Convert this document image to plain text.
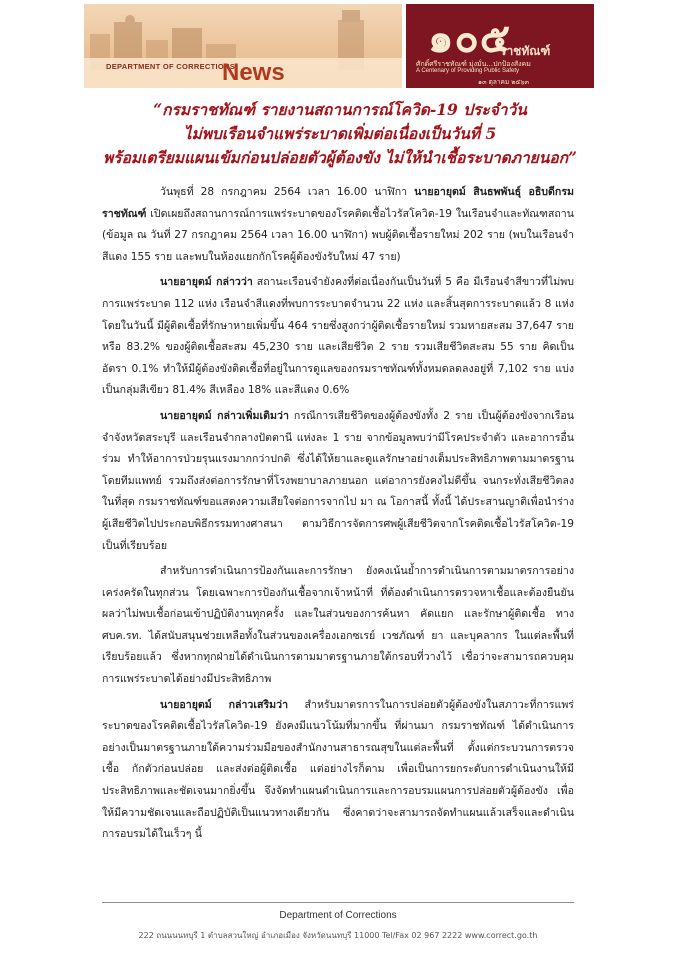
DEPARTMENT OF CORRECTIONS
News
๑๐๕
ราชทัณฑ์
ศักดิ์ศรีราชทัณฑ์ มุ่งมั่น...ปกป้องสังคม
A Centenary of Providing Public Safety
๑๓ ตุลาคม ๒๕๖๓
“กรมราชทัณฑ์ รายงานสถานการณ์โควิด-19 ประจำวัน
ไม่พบเรือนจำแพร่ระบาดเพิ่มต่อเนื่องเป็นวันที่ 5
พร้อมเตรียมแผนเข้มก่อนปล่อยตัวผู้ต้องขัง ไม่ให้นำเชื้อระบาดภายนอก”

วันพุธที่ 28 กรกฎาคม 2564 เวลา 16.00 นาฬิกา นายอายุตม์ สินธพพันธุ์ อธิบดีกรมราชทัณฑ์ เปิดเผยถึงสถานการณ์การแพร่ระบาดของโรคติดเชื้อไวรัสโควิด-19 ในเรือนจำและทัณฑสถาน (ข้อมูล ณ วันที่ 27 กรกฎาคม 2564 เวลา 16.00 นาฬิกา) พบผู้ติดเชื้อรายใหม่ 202 ราย (พบในเรือนจำสีแดง 155 ราย และพบในห้องแยกกักโรคผู้ต้องขังรับใหม่ 47 ราย)

นายอายุตม์ กล่าวว่า สถานะเรือนจำยังคงที่ต่อเนื่องกันเป็นวันที่ 5 คือ มีเรือนจำสีขาวที่ไม่พบการแพร่ระบาด 112 แห่ง เรือนจำสีแดงที่พบการระบาดจำนวน 22 แห่ง และสิ้นสุดการระบาดแล้ว 8 แห่ง โดยในวันนี้ มีผู้ติดเชื้อที่รักษาหายเพิ่มขึ้น 464 รายซึ่งสูงกว่าผู้ติดเชื้อรายใหม่ รวมหายสะสม 37,647 ราย หรือ 83.2% ของผู้ติดเชื้อสะสม 45,230 ราย และเสียชีวิต 2 ราย รวมเสียชีวิตสะสม 55 ราย คิดเป็นอัตรา 0.1% ทำให้มีผู้ต้องขังติดเชื้อที่อยู่ในการดูแลของกรมราชทัณฑ์ทั้งหมดลดลงอยู่ที่ 7,102 ราย แบ่งเป็นกลุ่มสีเขียว 81.4% สีเหลือง 18% และสีแดง 0.6%

นายอายุตม์ กล่าวเพิ่มเติมว่า กรณีการเสียชีวิตของผู้ต้องขังทั้ง 2 ราย เป็นผู้ต้องขังจากเรือนจำจังหวัดสระบุรี และเรือนจำกลางปัตตานี แห่งละ 1 ราย จากข้อมูลพบว่ามีโรคประจำตัว และอาการอื่นร่วม ทำให้อาการป่วยรุนแรงมากกว่าปกติ ซึ่งได้ให้ยาและดูแลรักษาอย่างเต็มประสิทธิภาพตามมาตรฐานโดยทีมแพทย์ รวมถึงส่งต่อการรักษาที่โรงพยาบาลภายนอก แต่อาการยังคงไม่ดีขึ้น จนกระทั่งเสียชีวิตลงในที่สุด กรมราชทัณฑ์ขอแสดงความเสียใจต่อการจากไป มา ณ โอกาสนี้ ทั้งนี้ ได้ประสานญาติเพื่อนำร่างผู้เสียชีวิตไปประกอบพิธีกรรมทางศาสนา ตามวิธีการจัดการศพผู้เสียชีวิตจากโรคติดเชื้อไวรัสโควิด-19 เป็นที่เรียบร้อย

สำหรับการดำเนินการป้องกันและการรักษา ยังคงเน้นย้ำการดำเนินการตามมาตรการอย่างเคร่งครัดในทุกส่วน โดยเฉพาะการป้องกันเชื้อจากเจ้าหน้าที่ ที่ต้องดำเนินการตรวจหาเชื้อและต้องยืนยันผลว่าไม่พบเชื้อก่อนเข้าปฏิบัติงานทุกครั้ง และในส่วนของการค้นหา คัดแยก และรักษาผู้ติดเชื้อ ทาง ศบค.รท. ได้สนับสนุนช่วยเหลือทั้งในส่วนของเครื่องเอกซเรย์ เวชภัณฑ์ ยา และบุคลากร ในแต่ละพื้นที่เรียบร้อยแล้ว ซึ่งหากทุกฝ่ายได้ดำเนินการตามมาตรฐานภายใต้กรอบที่วางไว้ เชื่อว่าจะสามารถควบคุมการแพร่ระบาดได้อย่างมีประสิทธิภาพ

นายอายุตม์ กล่าวเสริมว่า สำหรับมาตรการในการปล่อยตัวผู้ต้องขังในสภาวะที่การแพร่ระบาดของโรคติดเชื้อไวรัสโควิด-19 ยังคงมีแนวโน้มที่มากขึ้น ที่ผ่านมา กรมราชทัณฑ์ ได้ดำเนินการอย่างเป็นมาตรฐานภายใต้ความร่วมมือของสำนักงานสาธารณสุขในแต่ละพื้นที่ ตั้งแต่กระบวนการตรวจเชื้อ กักตัวก่อนปล่อย และส่งต่อผู้ติดเชื้อ แต่อย่างไรก็ตาม เพื่อเป็นการยกระดับการดำเนินงานให้มีประสิทธิภาพและชัดเจนมากยิ่งขึ้น จึงจัดทำแผนดำเนินการและการอบรมแผนการปล่อยตัวผู้ต้องขัง เพื่อให้มีความชัดเจนและถือปฏิบัติเป็นแนวทางเดียวกัน ซึ่งคาดว่าจะสามารถจัดทำแผนแล้วเสร็จและดำเนินการอบรมได้ในเร็วๆ นี้

Department of Corrections
222 ถนนนนทบุรี 1 ตำบลสวนใหญ่ อำเภอเมือง จังหวัดนนทบุรี 11000 Tel/Fax 02 967 2222 www.correct.go.th
